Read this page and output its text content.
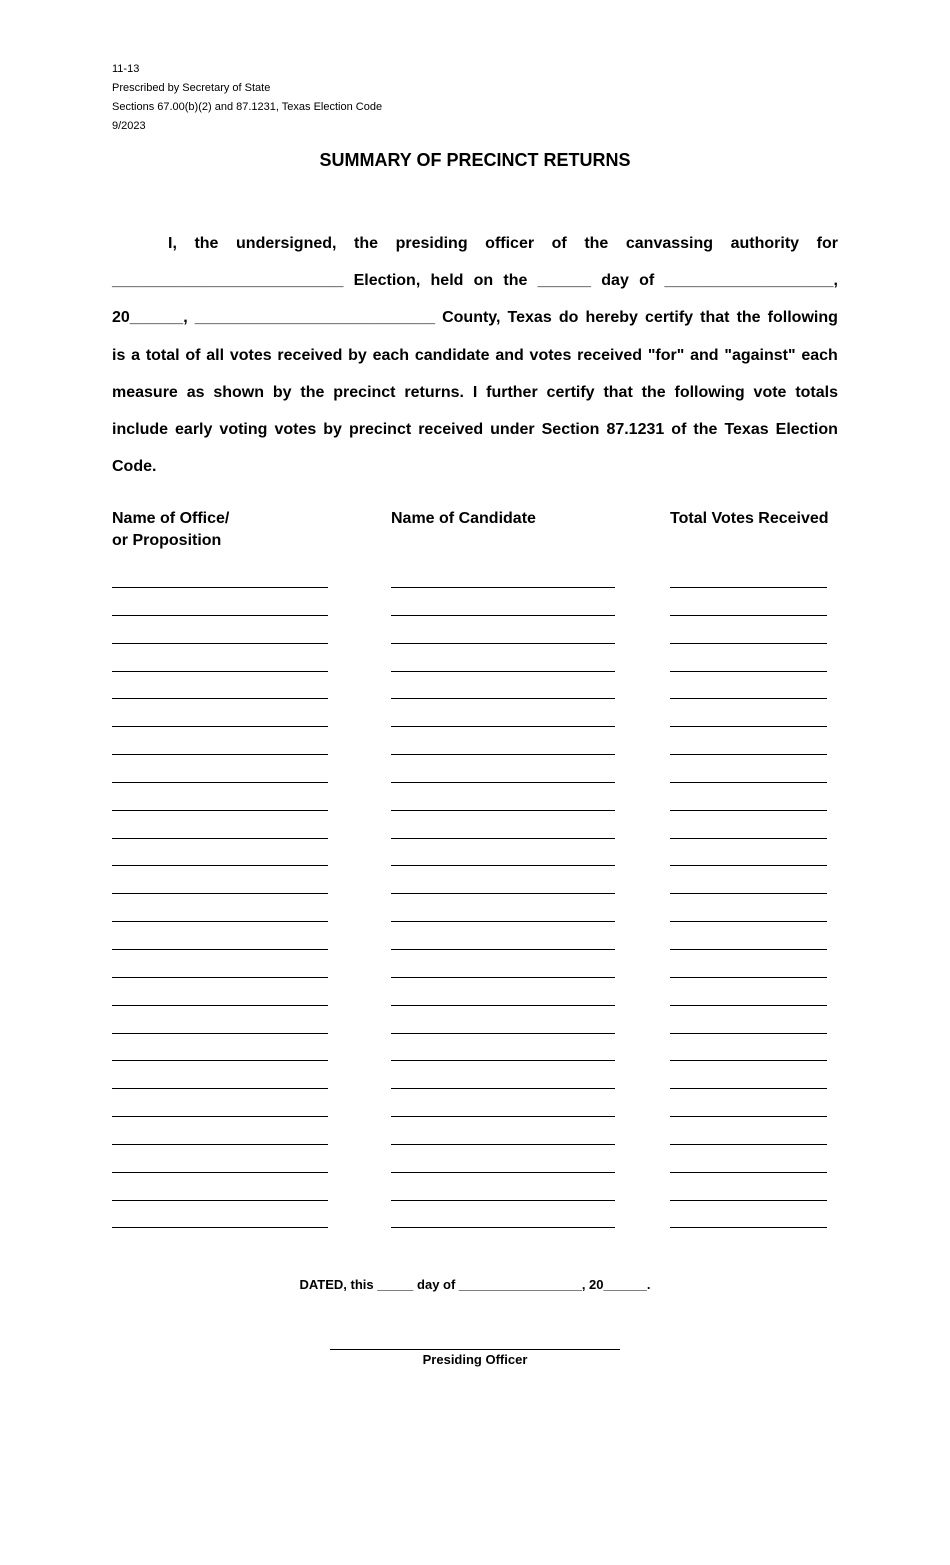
11-13
Prescribed by Secretary of State
Sections 67.00(b)(2) and 87.1231, Texas Election Code
9/2023
SUMMARY OF PRECINCT RETURNS
I, the undersigned, the presiding officer of the canvassing authority for
__________________________ Election, held on the ______ day of ___________________,
20______, ___________________________ County, Texas do hereby certify that the following
is a total of all votes received by each candidate and votes received "for" and "against" each
measure as shown by the precinct returns. I further certify that the following vote totals
include early voting votes by precinct received under Section 87.1231 of the Texas Election
Code.
Name of Office/
or Proposition
Name of Candidate	Total Votes Received
DATED, this _____ day of _________________, 20______.
Presiding Officer
